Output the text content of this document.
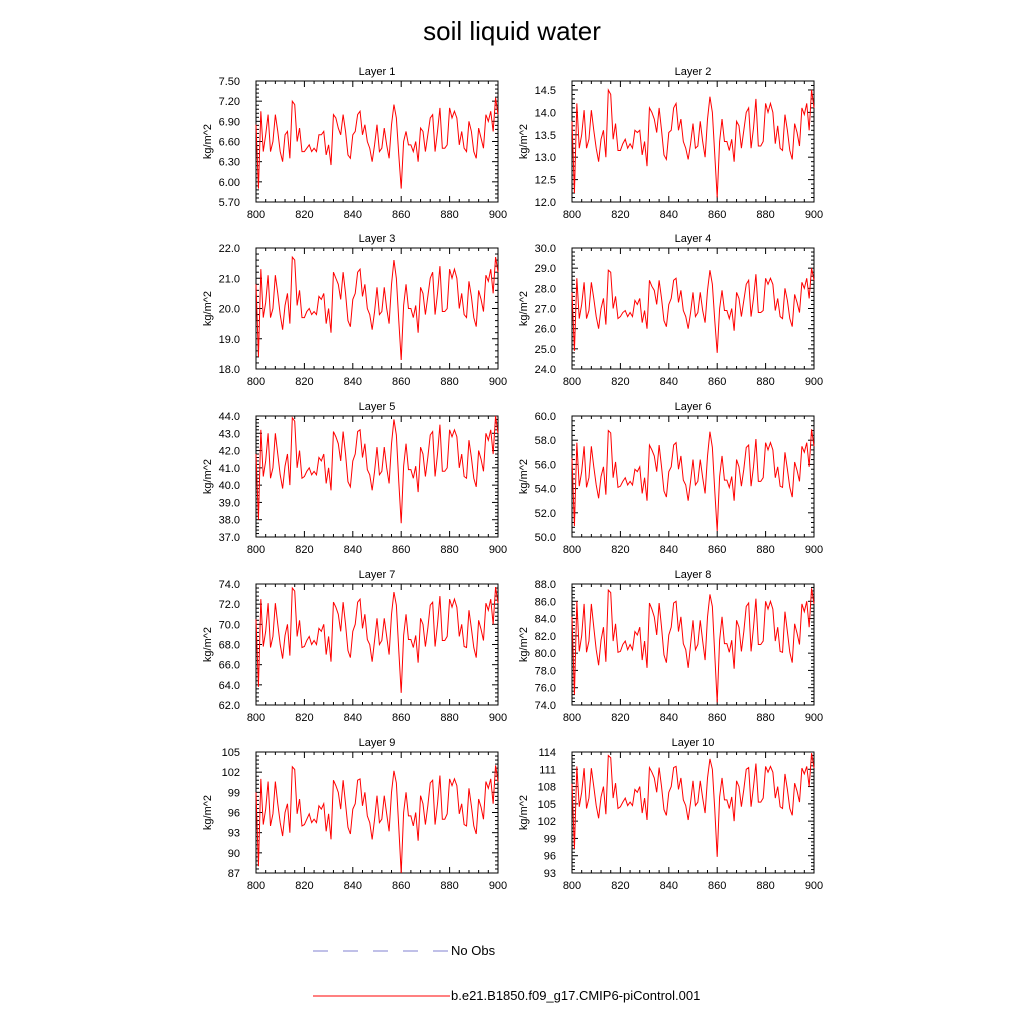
soil liquid water
Layer 1
kg/m^2
800	820	840	860	880	900
5.70
6.00
6.30
6.60
6.90
7.20
7.50
Layer 2
kg/m^2
800	820	840	860	880	900
12.0
12.5
13.0
13.5
14.0
14.5
Layer 3
kg/m^2
800	820	840	860	880	900
18.0
19.0
20.0
21.0
22.0
Layer 4
kg/m^2
800	820	840	860	880	900
24.0
25.0
26.0
27.0
28.0
29.0
30.0
Layer 5
kg/m^2
800	820	840	860	880	900
37.0
38.0
39.0
40.0
41.0
42.0
43.0
44.0
Layer 6
kg/m^2
800	820	840	860	880	900
50.0
52.0
54.0
56.0
58.0
60.0
Layer 7
kg/m^2
800	820	840	860	880	900
62.0
64.0
66.0
68.0
70.0
72.0
74.0
Layer 8
kg/m^2
800	820	840	860	880	900
74.0
76.0
78.0
80.0
82.0
84.0
86.0
88.0
Layer 9
kg/m^2
800	820	840	860	880	900
87
90
93
96
99
102
105
Layer 10
kg/m^2
800	820	840	860	880	900
93
96
99
102
105
108
111
114
No Obs
b.e21.B1850.f09_g17.CMIP6-piControl.001
